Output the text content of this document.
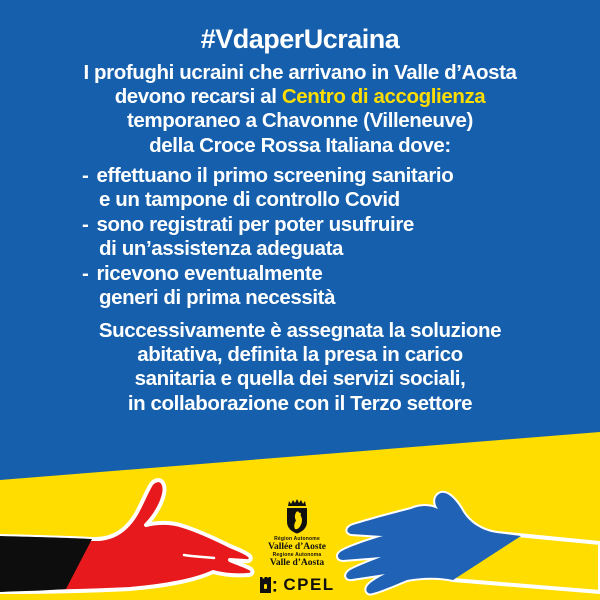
#VdaperUcraina
I profughi ucraini che arrivano in Valle d’Aosta
devono recarsi al Centro di accoglienza
temporaneo a Chavonne (Villeneuve)
della Croce Rossa Italiana dove:
- effettuano il primo screening sanitario
e un tampone di controllo Covid
- sono registrati per poter usufruire
di un’assistenza adeguata
- ricevono eventualmente
generi di prima necessità
Successivamente è assegnata la soluzione
abitativa, definita la presa in carico
sanitaria e quella dei servizi sociali,
in collaborazione con il Terzo settore
Région Autonome
Vallée d’Aoste
Regione Autonoma
Valle d’Aosta
CPEL
